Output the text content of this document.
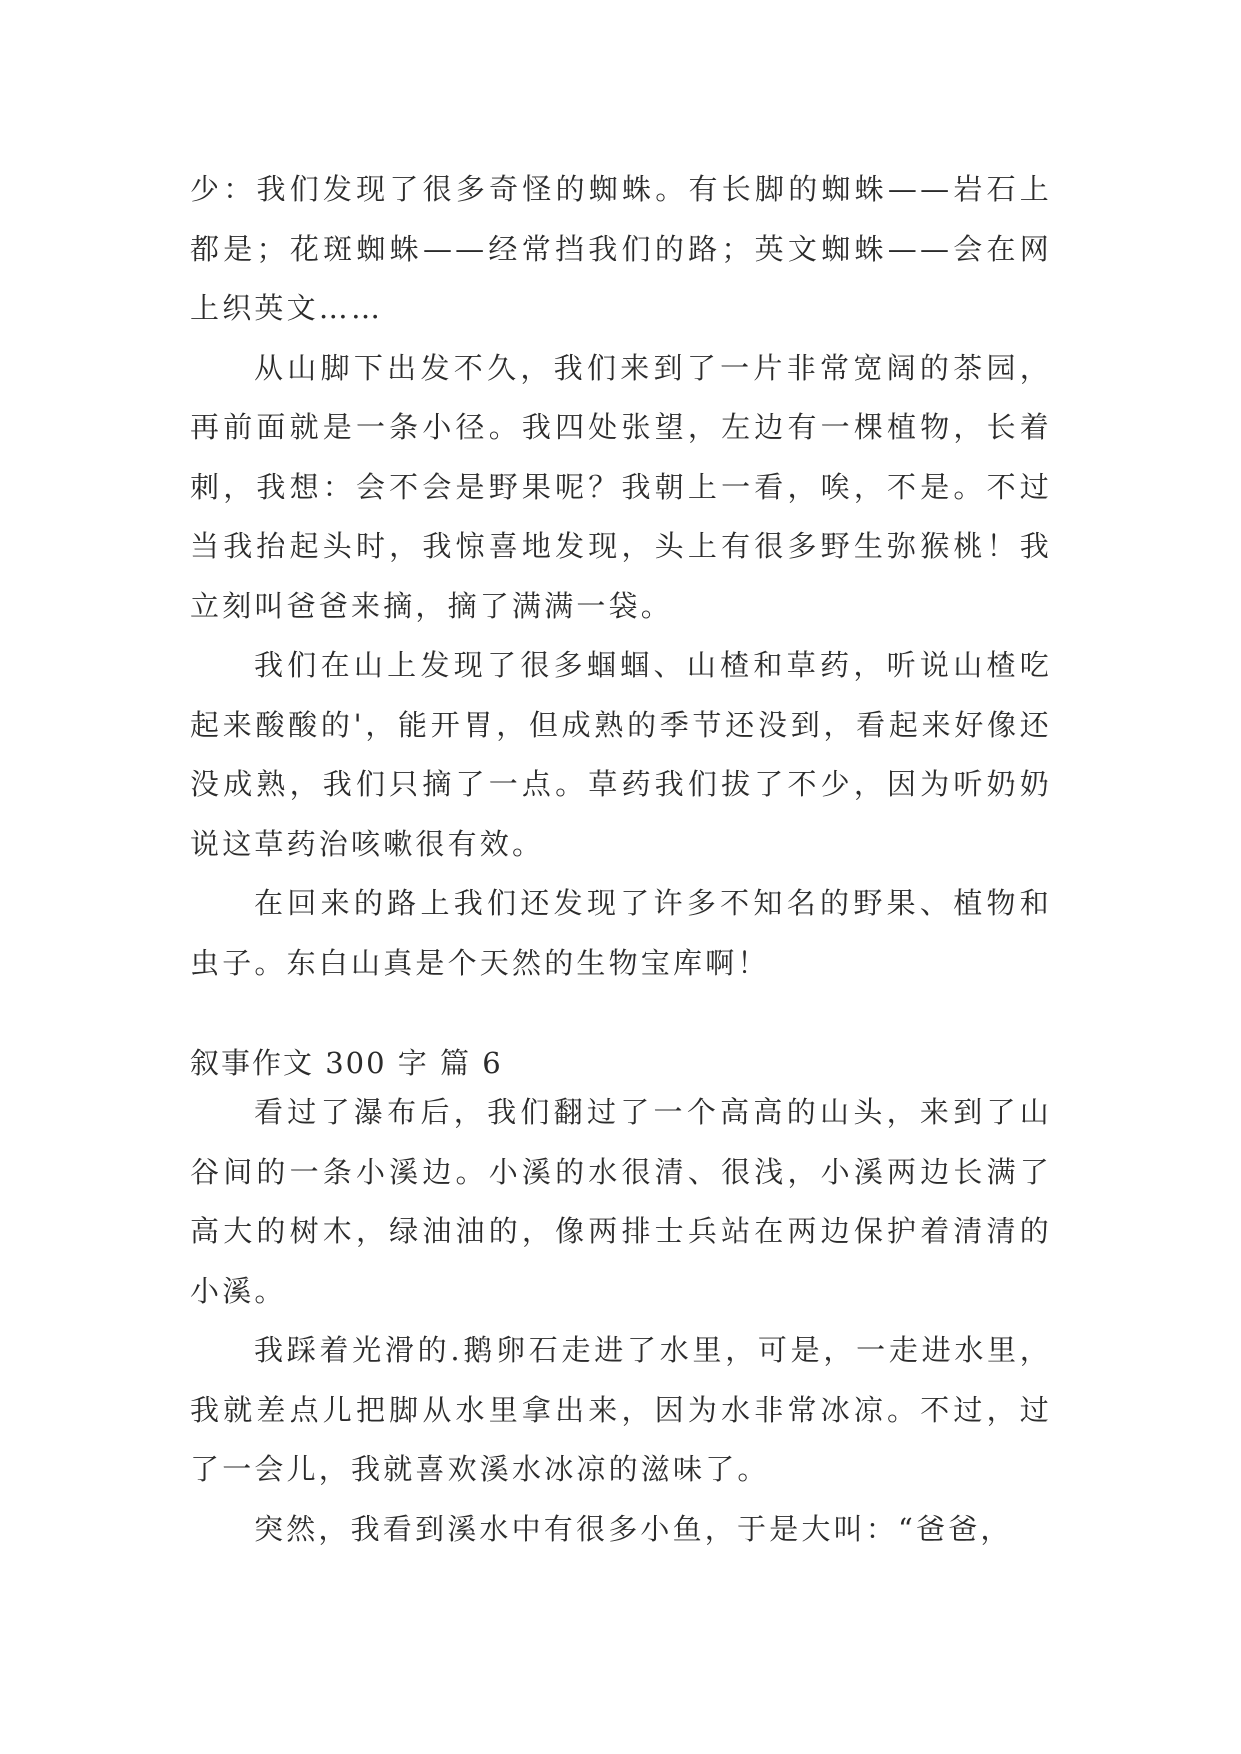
少：我们发现了很多奇怪的蜘蛛。有长脚的蜘蛛——岩石上都是；花斑蜘蛛——经常挡我们的路；英文蜘蛛——会在网上织英文……

从山脚下出发不久，我们来到了一片非常宽阔的茶园，再前面就是一条小径。我四处张望，左边有一棵植物，长着刺，我想：会不会是野果呢？我朝上一看，唉，不是。不过当我抬起头时，我惊喜地发现，头上有很多野生弥猴桃！我立刻叫爸爸来摘，摘了满满一袋。

我们在山上发现了很多蝈蝈、山楂和草药，听说山楂吃起来酸酸的'，能开胃，但成熟的季节还没到，看起来好像还没成熟，我们只摘了一点。草药我们拔了不少，因为听奶奶说这草药治咳嗽很有效。

在回来的路上我们还发现了许多不知名的野果、植物和虫子。东白山真是个天然的生物宝库啊！

叙事作文 300 字 篇 6

看过了瀑布后，我们翻过了一个高高的山头，来到了山谷间的一条小溪边。小溪的水很清、很浅，小溪两边长满了高大的树木，绿油油的，像两排士兵站在两边保护着清清的小溪。

我踩着光滑的.鹅卵石走进了水里，可是，一走进水里，我就差点儿把脚从水里拿出来，因为水非常冰凉。不过，过了一会儿，我就喜欢溪水冰凉的滋味了。

突然，我看到溪水中有很多小鱼，于是大叫：“爸爸，
